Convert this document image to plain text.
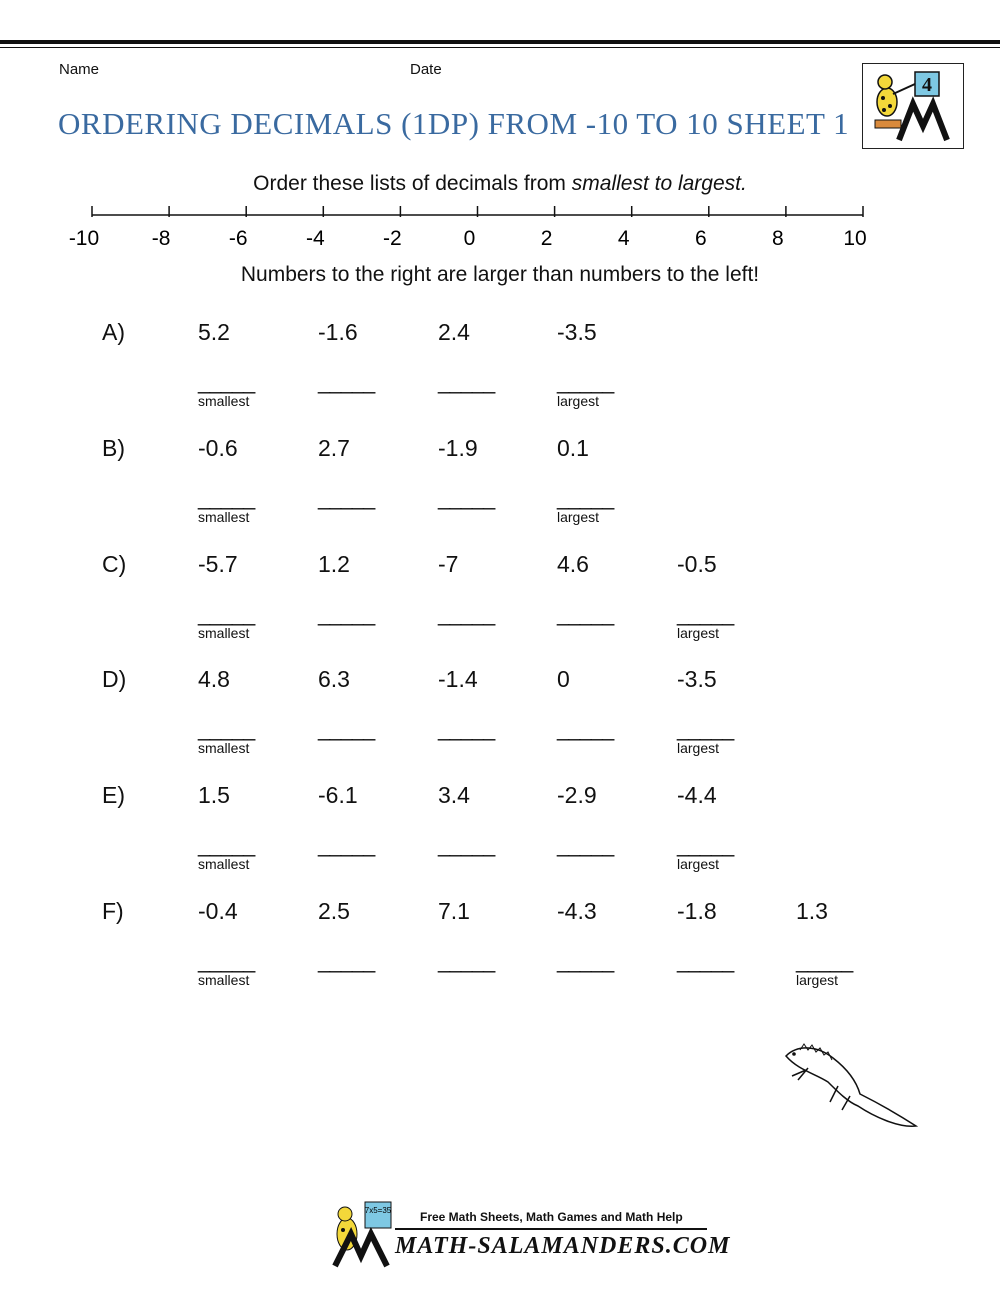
Name	Date
ORDERING DECIMALS (1DP) FROM -10 TO 10 SHEET 1
4
Order these lists of decimals from smallest to largest.
-10	-8	-6	-4	-2	0	2	4	6	8	10
Numbers to the right are larger than numbers to the left!
A)	5.2
_____
smallest
-1.6
_____
2.4
_____
-3.5
_____
largest
B)	-0.6
_____
smallest
2.7
_____
-1.9
_____
0.1
_____
largest
C)	-5.7
_____
smallest
1.2
_____
-7
_____
4.6
_____
-0.5
_____
largest
D)	4.8
_____
smallest
6.3
_____
-1.4
_____
0
_____
-3.5
_____
largest
E)	1.5
_____
smallest
-6.1
_____
3.4
_____
-2.9
_____
-4.4
_____
largest
F)	-0.4
_____
smallest
2.5
_____
7.1
_____
-4.3
_____
-1.8
_____
1.3
_____
largest
7x5=35 Free Math Sheets, Math Games and Math Help
MATH-SALAMANDERS.COM
